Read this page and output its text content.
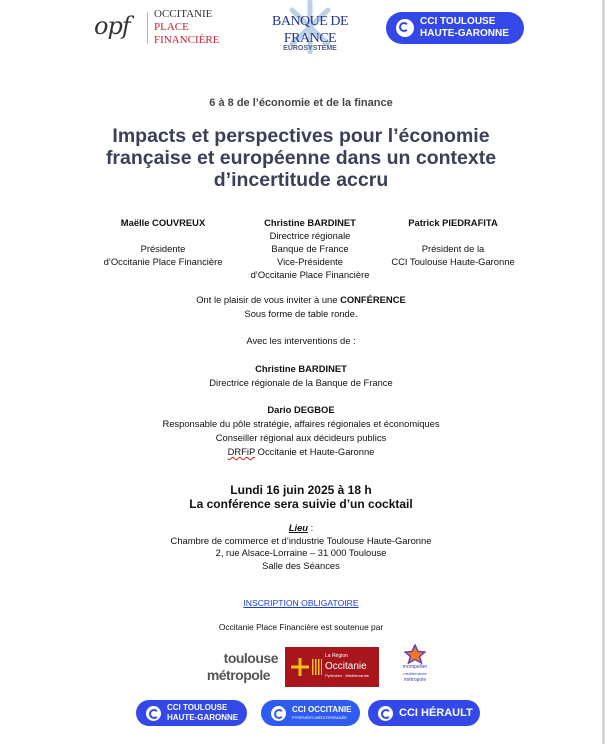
opf OCCITANIE
PLACE
FINANCIÈRE
BANQUE DE FRANCE
EUROSYSTÈME
CCI TOULOUSE
HAUTE-GARONNE
6 à 8 de l’économie et de la finance
Impacts et perspectives pour l’économie
française et européenne dans un contexte
d’incertitude accru
Maëlle COUVREUX
Présidente
d’Occitanie Place Financière
Christine BARDINET
Directrice régionale
Banque de France
Vice-Présidente
d’Occitanie Place Financière
Patrick PIEDRAFITA
Président de la
CCI Toulouse Haute-Garonne
Ont le plaisir de vous inviter à une CONFÉRENCE
Sous forme de table ronde.
Avec les interventions de :
Christine BARDINET
Directrice régionale de la Banque de France
Dario DEGBOE
Responsable du pôle stratégie, affaires régionales et économiques
Conseiller régional aux décideurs publics
DRFiP Occitanie et Haute-Garonne
Lundi 16 juin 2025 à 18 h
La conférence sera suivie d’un cocktail
Lieu :
Chambre de commerce et d’industrie Toulouse Haute-Garonne
2, rue Alsace-Lorraine – 31 000 Toulouse
Salle des Séances
INSCRIPTION OBLIGATOIRE
Occitanie Place Financière est soutenue par
toulouse
métropole
La Région
Occitanie
Pyrénées · Méditerranée
montpellier
méditerranée
métropole
CCI TOULOUSE
HAUTE-GARONNE
CCI OCCITANIE
PYRÉNÉES-MÉDITERRANÉE	CCI HÉRAULT
